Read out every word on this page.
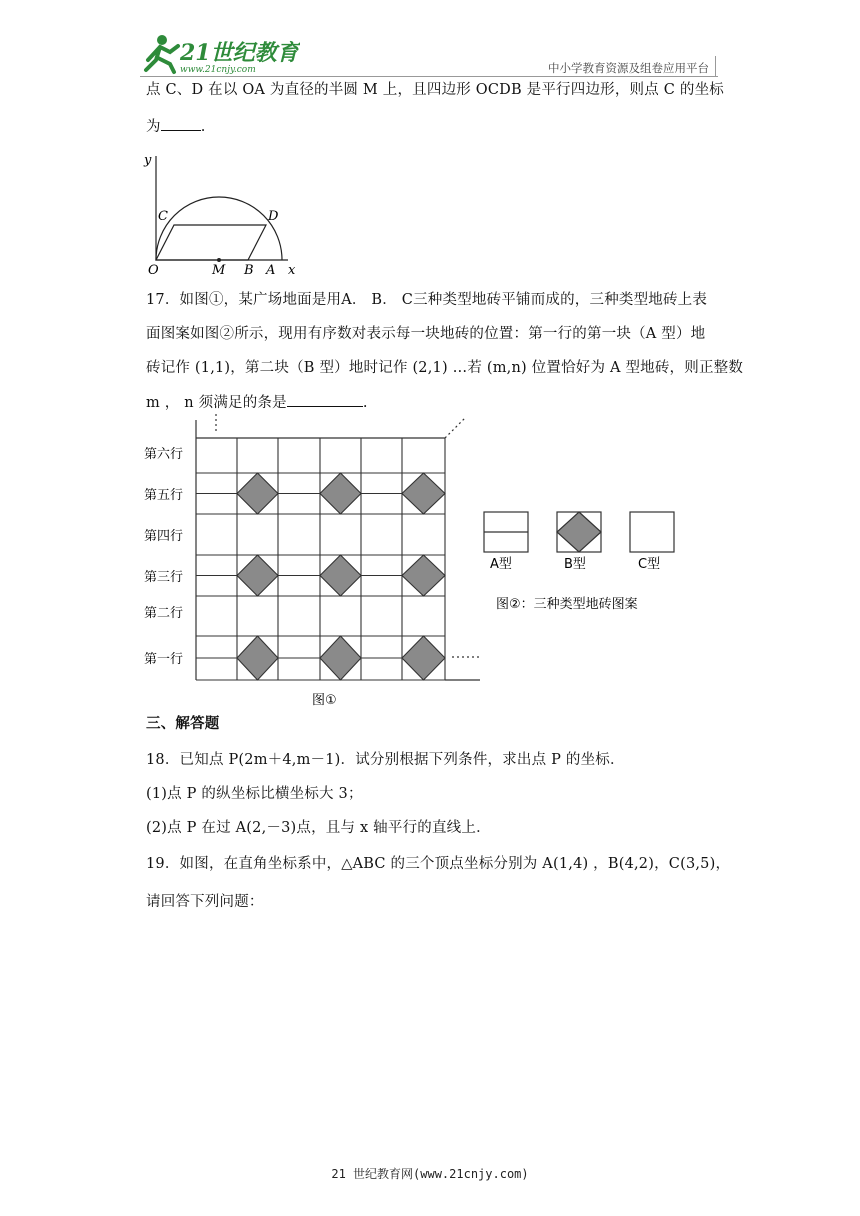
21世纪教育
www.21cnjy.com	中小学教育资源及组卷应用平台
点 C、D 在以 OA 为直径的半圆 M 上，且四边形 OCDB 是平行四边形，则点 C 的坐标
为	.
y
C	D
O	M B A x
17．如图①，某广场地面是用A． B． C三种类型地砖平铺而成的，三种类型地砖上表
面图案如图②所示，现用有序数对表示每一块地砖的位置：第一行的第一块（A 型）地
砖记作 (1,1)，第二块（B 型）地时记作 (2,1) …若 (m,n) 位置恰好为 A 型地砖，则正整数
m ， n 须满足的条是	.
第六行
第五行
第四行
第三行
第二行
第一行
图①
A型	B型	C型
图②：三种类型地砖图案
三、解答题
18．已知点 P(2m＋4,m－1)．试分别根据下列条件，求出点 P 的坐标．
(1)点 P 的纵坐标比横坐标大 3；
(2)点 P 在过 A(2,－3)点，且与 x 轴平行的直线上．
19．如图，在直角坐标系中，△ABC 的三个顶点坐标分别为 A(1,4) ，B(4,2)，C(3,5)，
请回答下列问题：
21 世纪教育网(www.21cnjy.com)
